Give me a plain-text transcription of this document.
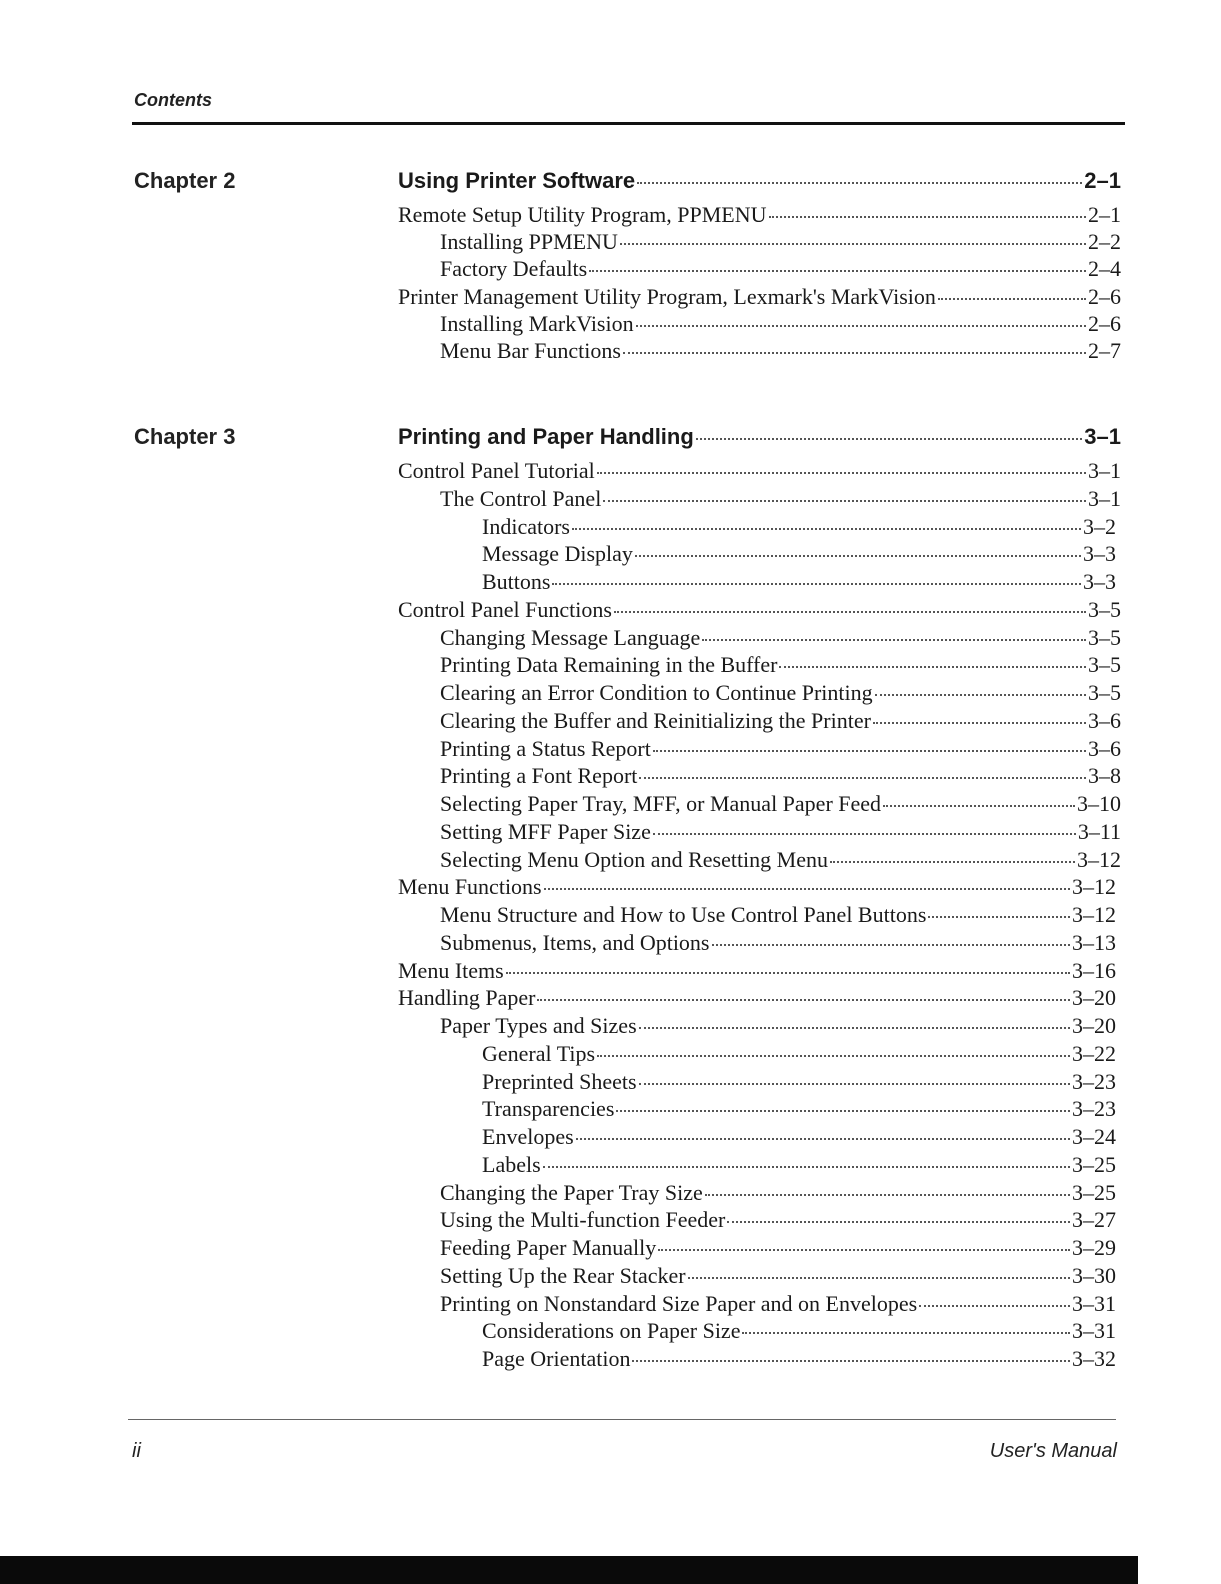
Contents
Chapter 2	Using Printer Software	2–1
Remote Setup Utility Program, PPMENU	2–1
Installing PPMENU	2–2
Factory Defaults	2–4
Printer Management Utility Program, Lexmark's MarkVision	2–6
Installing MarkVision	2–6
Menu Bar Functions	2–7
Chapter 3	Printing and Paper Handling	3–1
Control Panel Tutorial	3–1
The Control Panel	3–1
Indicators	3–2
Message Display	3–3
Buttons	3–3
Control Panel Functions	3–5
Changing Message Language	3–5
Printing Data Remaining in the Buffer	3–5
Clearing an Error Condition to Continue Printing	3–5
Clearing the Buffer and Reinitializing the Printer	3–6
Printing a Status Report	3–6
Printing a Font Report	3–8
Selecting Paper Tray, MFF, or Manual Paper Feed	3–10
Setting MFF Paper Size	3–11
Selecting Menu Option and Resetting Menu	3–12
Menu Functions	3–12
Menu Structure and How to Use Control Panel Buttons	3–12
Submenus, Items, and Options	3–13
Menu Items	3–16
Handling Paper	3–20
Paper Types and Sizes	3–20
General Tips	3–22
Preprinted Sheets	3–23
Transparencies	3–23
Envelopes	3–24
Labels	3–25
Changing the Paper Tray Size	3–25
Using the Multi-function Feeder	3–27
Feeding Paper Manually	3–29
Setting Up the Rear Stacker	3–30
Printing on Nonstandard Size Paper and on Envelopes	3–31
Considerations on Paper Size	3–31
Page Orientation	3–32
ii	User's Manual
